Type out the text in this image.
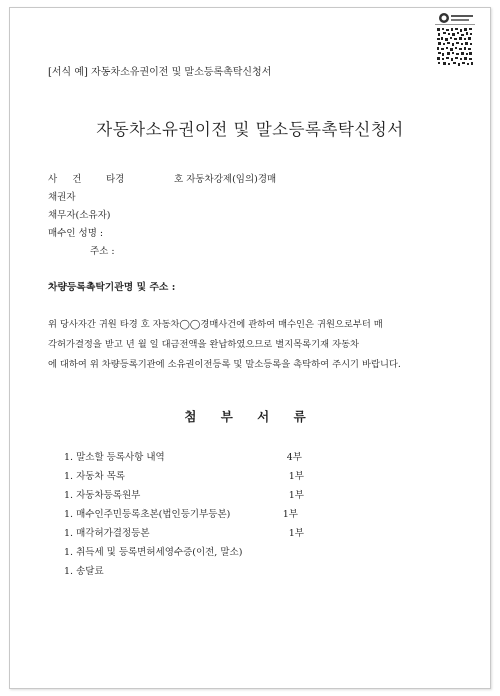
[서식 예] 자동차소유권이전 및 말소등록촉탁신청서
자동차소유권이전 및 말소등록촉탁신청서
사 건 타경	호 자동차강제(임의)경매
채권자
채무자(소유자)
매수인 성명 :
주소 :
차량등록촉탁기관명 및 주소 :
위 당사자간 귀원 타경 호 자동차◯◯경매사건에 관하여 매수인은 귀원으로부터 매
각허가결정을 받고 년 월 일 대금전액을 완납하였으므로 별지목록기재 자동차
에 대하여 위 차량등록기관에 소유권이전등록 및 말소등록을 촉탁하여 주시기 바랍니다.
첨 부 서 류
1. 말소할 등록사항 내역	4부
1. 자동차 목록	1부
1. 자동차등록원부	1부
1. 매수인주민등록초본(법인등기부등본)	1부
1. 매각허가결정등본	1부
1. 취득세 및 등록면허세영수증(이전, 말소)
1. 송달료
